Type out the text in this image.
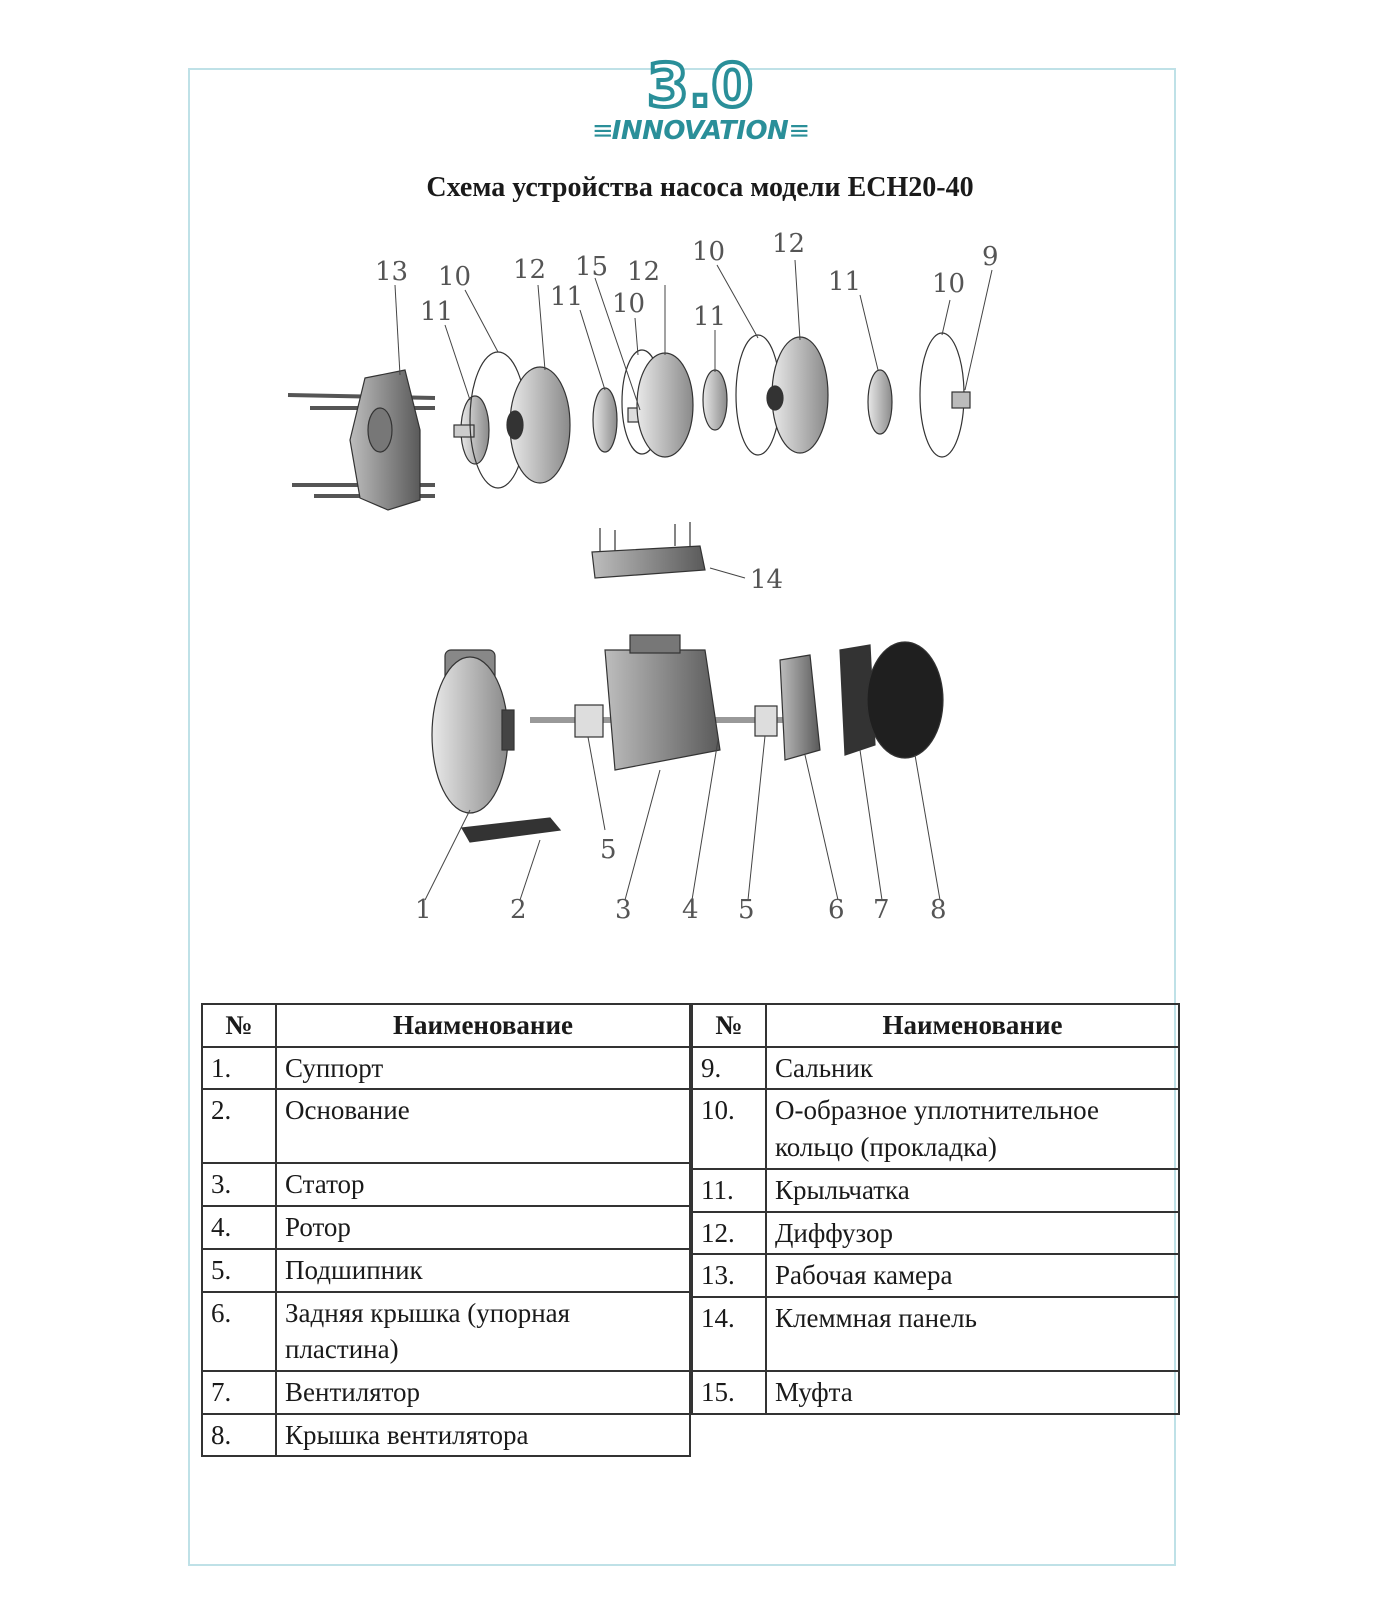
3.0
≡INNOVATION≡
Схема устройства насоса модели ECH20-40
13
11
10 12
11
15
10
12
11
10 12
11	10
9
14
1	2	3 4
5
5	6 7 8
№	Наименование
1.	Суппорт
2.	Основание
3.	Статор
4.	Ротор
5.	Подшипник
6.	Задняя крышка (упорная пластина)
7.	Вентилятор
8.	Крышка вентилятора
№	Наименование
9.	Сальник
10.	О-образное уплотнительное кольцо (прокладка)
11.	Крыльчатка
12.	Диффузор
13.	Рабочая камера
14.	Клеммная панель
15.	Муфта
